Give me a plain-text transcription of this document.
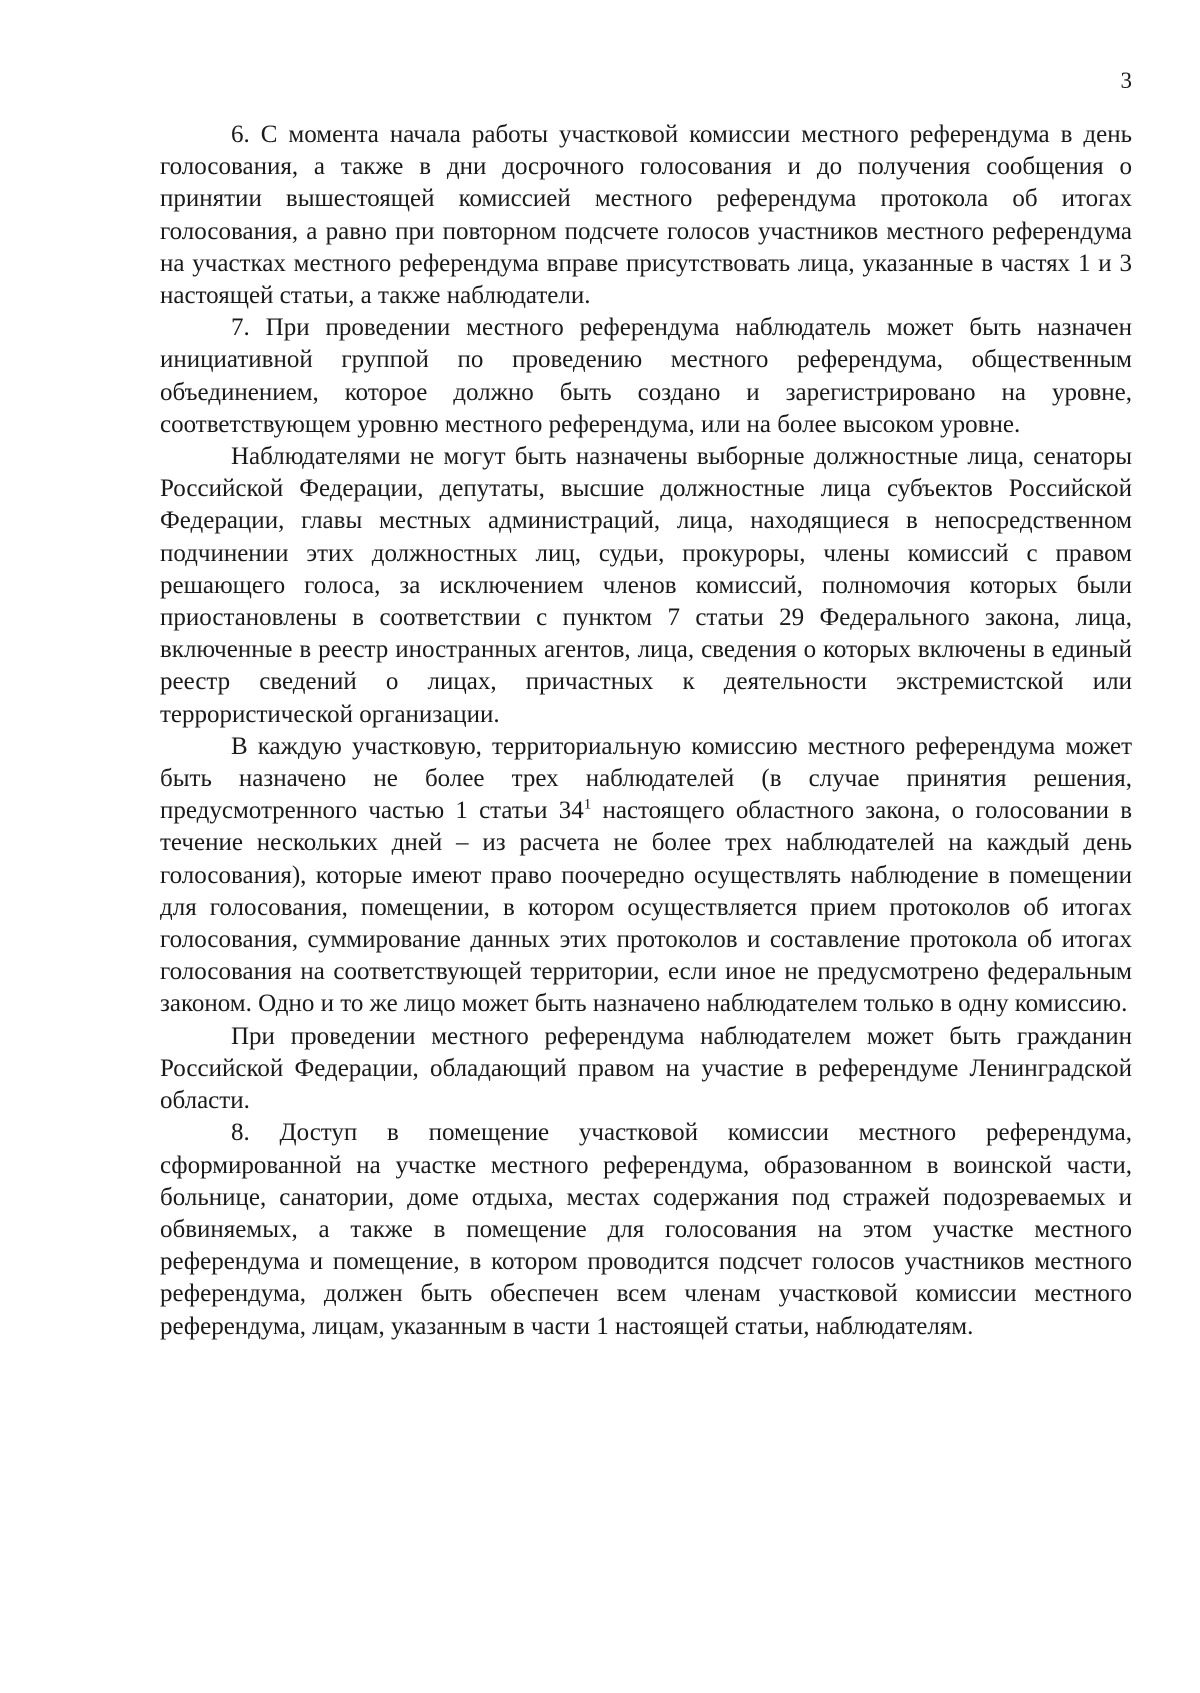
3

6. С момента начала работы участковой комиссии местного референдума в день голосования, а также в дни досрочного голосования и до получения сообщения о принятии вышестоящей комиссией местного референдума протокола об итогах голосования, а равно при повторном подсчете голосов участников местного референдума на участках местного референдума вправе присутствовать лица, указанные в частях 1 и 3 настоящей статьи, а также наблюдатели.

7. При проведении местного референдума наблюдатель может быть назначен инициативной группой по проведению местного референдума, общественным объединением, которое должно быть создано и зарегистрировано на уровне, соответствующем уровню местного референдума, или на более высоком уровне.

Наблюдателями не могут быть назначены выборные должностные лица, сенаторы Российской Федерации, депутаты, высшие должностные лица субъектов Российской Федерации, главы местных администраций, лица, находящиеся в непосредственном подчинении этих должностных лиц, судьи, прокуроры, члены комиссий с правом решающего голоса, за исключением членов комиссий, полномочия которых были приостановлены в соответствии с пунктом 7 статьи 29 Федерального закона, лица, включенные в реестр иностранных агентов, лица, сведения о которых включены в единый реестр сведений о лицах, причастных к деятельности экстремистской или террористической организации.

В каждую участковую, территориальную комиссию местного референдума может быть назначено не более трех наблюдателей (в случае принятия решения, предусмотренного частью 1 статьи $34^1$ настоящего областного закона, о голосовании в течение нескольких дней – из расчета не более трех наблюдателей на каждый день голосования), которые имеют право поочередно осуществлять наблюдение в помещении для голосования, помещении, в котором осуществляется прием протоколов об итогах голосования, суммирование данных этих протоколов и составление протокола об итогах голосования на соответствующей территории, если иное не предусмотрено федеральным законом. Одно и то же лицо может быть назначено наблюдателем только в одну комиссию.

При проведении местного референдума наблюдателем может быть гражданин Российской Федерации, обладающий правом на участие в референдуме Ленинградской области.

8. Доступ в помещение участковой комиссии местного референдума, сформированной на участке местного референдума, образованном в воинской части, больнице, санатории, доме отдыха, местах содержания под стражей подозреваемых и обвиняемых, а также в помещение для голосования на этом участке местного референдума и помещение, в котором проводится подсчет голосов участников местного референдума, должен быть обеспечен всем членам участковой комиссии местного референдума, лицам, указанным в части 1 настоящей статьи, наблюдателям.
